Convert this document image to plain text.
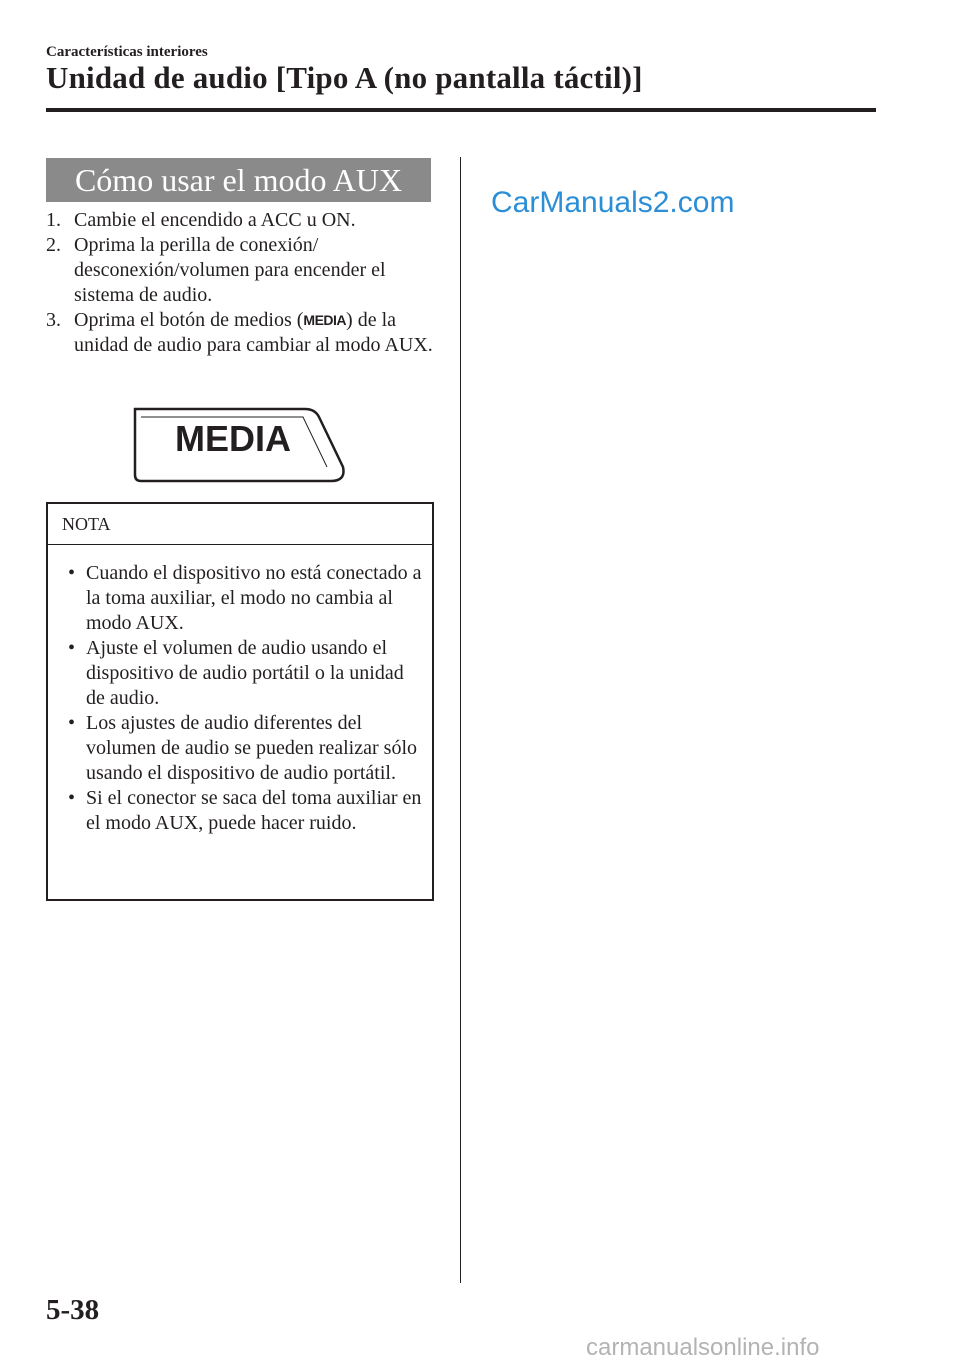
Características interiores
Unidad de audio [Tipo A (no pantalla táctil)]
Cómo usar el modo AUX
1. Cambie el encendido a ACC u ON.
2. Oprima la perilla de conexión/ desconexión/volumen para encender el sistema de audio.
3. Oprima el botón de medios (MEDIA) de la unidad de audio para cambiar al modo AUX.
MEDIA
NOTA
• Cuando el dispositivo no está conectado a la toma auxiliar, el modo no cambia al modo AUX.
• Ajuste el volumen de audio usando el dispositivo de audio portátil o la unidad de audio.
• Los ajustes de audio diferentes del volumen de audio se pueden realizar sólo usando el dispositivo de audio portátil.
• Si el conector se saca del toma auxiliar en el modo AUX, puede hacer ruido.
CarManuals2.com
5-38
carmanualsonline.info
